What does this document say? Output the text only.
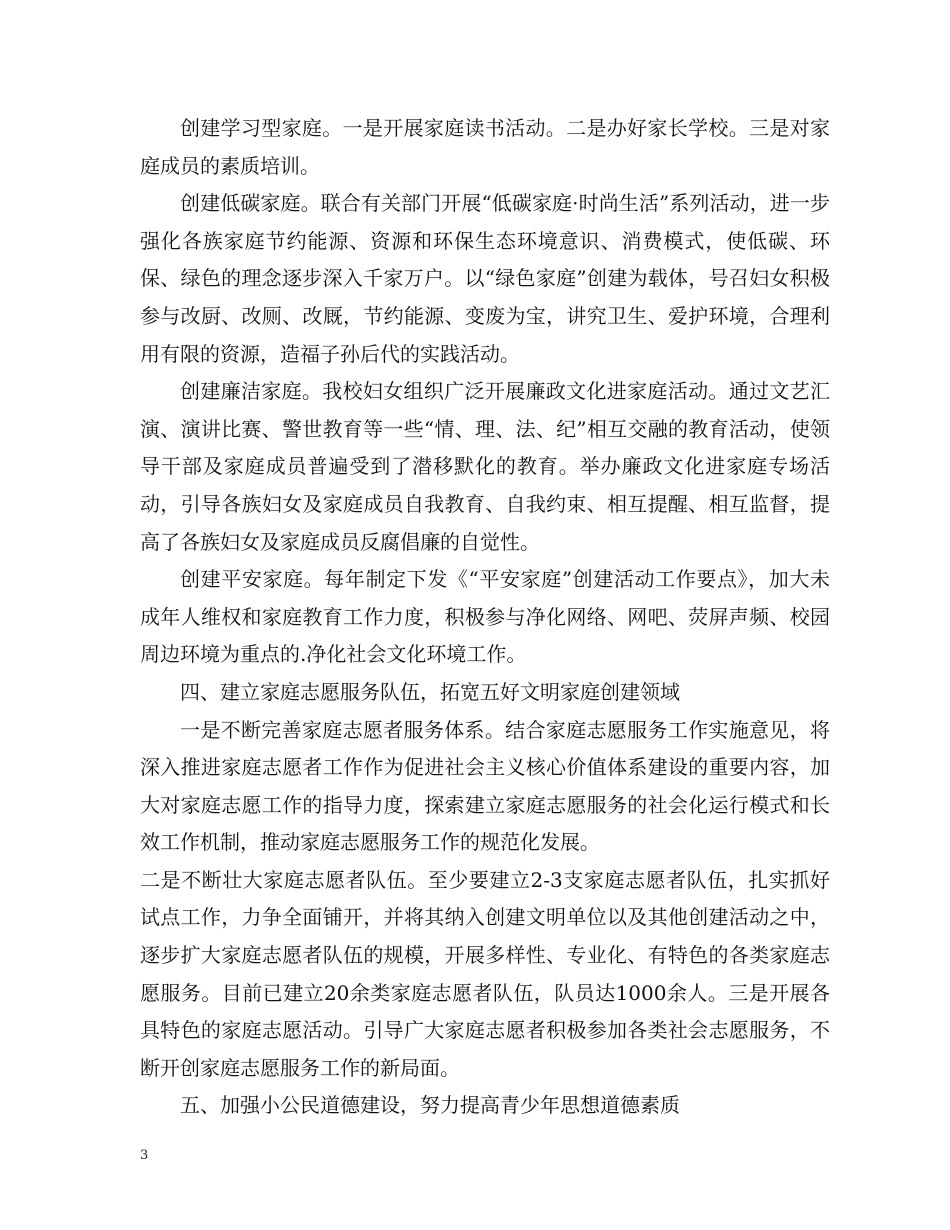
创建学习型家庭。一是开展家庭读书活动。二是办好家长学校。三是对家庭成员的素质培训。

创建低碳家庭。联合有关部门开展“低碳家庭·时尚生活”系列活动，进一步强化各族家庭节约能源、资源和环保生态环境意识、消费模式，使低碳、环保、绿色的理念逐步深入千家万户。以“绿色家庭”创建为载体，号召妇女积极参与改厨、改厕、改厩，节约能源、变废为宝，讲究卫生、爱护环境，合理利用有限的资源，造福子孙后代的实践活动。

创建廉洁家庭。我校妇女组织广泛开展廉政文化进家庭活动。通过文艺汇演、演讲比赛、警世教育等一些“情、理、法、纪”相互交融的教育活动，使领导干部及家庭成员普遍受到了潜移默化的教育。举办廉政文化进家庭专场活动，引导各族妇女及家庭成员自我教育、自我约束、相互提醒、相互监督，提高了各族妇女及家庭成员反腐倡廉的自觉性。

创建平安家庭。每年制定下发《“平安家庭”创建活动工作要点》，加大未成年人维权和家庭教育工作力度，积极参与净化网络、网吧、荧屏声频、校园周边环境为重点的.净化社会文化环境工作。

四、建立家庭志愿服务队伍，拓宽五好文明家庭创建领域

一是不断完善家庭志愿者服务体系。结合家庭志愿服务工作实施意见，将深入推进家庭志愿者工作作为促进社会主义核心价值体系建设的重要内容，加大对家庭志愿工作的指导力度，探索建立家庭志愿服务的社会化运行模式和长效工作机制，推动家庭志愿服务工作的规范化发展。

二是不断壮大家庭志愿者队伍。至少要建立2-3支家庭志愿者队伍，扎实抓好试点工作，力争全面铺开，并将其纳入创建文明单位以及其他创建活动之中，逐步扩大家庭志愿者队伍的规模，开展多样性、专业化、有特色的各类家庭志愿服务。目前已建立20余类家庭志愿者队伍，队员达1000余人。三是开展各具特色的家庭志愿活动。引导广大家庭志愿者积极参加各类社会志愿服务，不断开创家庭志愿服务工作的新局面。

五、加强小公民道德建设，努力提高青少年思想道德素质

3
